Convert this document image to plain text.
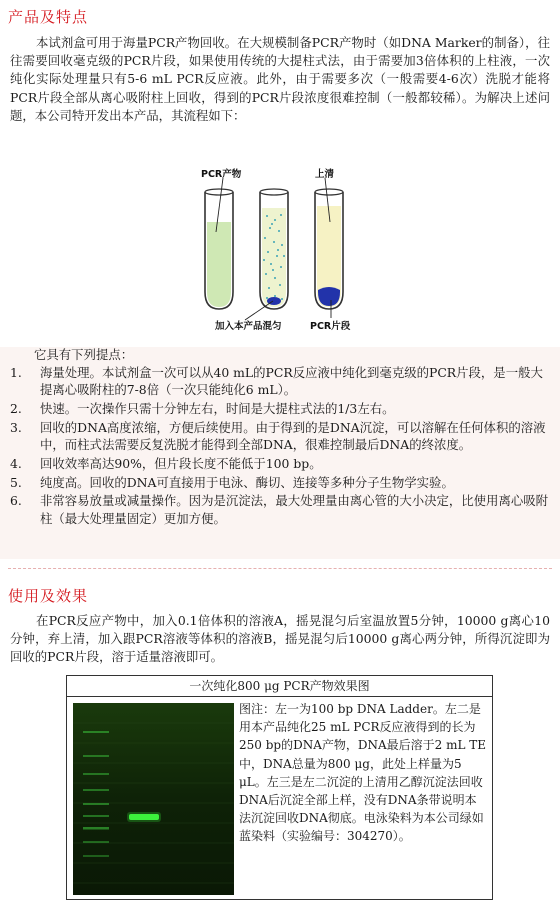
产品及特点
本试剂盒可用于海量PCR产物回收。在大规模制备PCR产物时（如DNA Marker的制备），往往需要回收毫克级的PCR片段，如果使用传统的大提柱式法，由于需要加3倍体积的上柱液，一次纯化实际处理量只有5-6 mL PCR反应液。此外，由于需要多次（一般需要4-6次）洗脱才能将PCR片段全部从离心吸附柱上回收，得到的PCR片段浓度很难控制（一般都较稀）。为解决上述问题，本公司特开发出本产品，其流程如下：
PCR产物	上清
加入本产品混匀	PCR片段
它具有下列提点：
1. 海量处理。本试剂盒一次可以从40 mL的PCR反应液中纯化到毫克级的PCR片段，是一般大提离心吸附柱的7-8倍（一次只能纯化6 mL）。
2. 快速。一次操作只需十分钟左右，时间是大提柱式法的1/3左右。
3. 回收的DNA高度浓缩，方便后续使用。由于得到的是DNA沉淀，可以溶解在任何体积的溶液中，而柱式法需要反复洗脱才能得到全部DNA，很难控制最后DNA的终浓度。
4. 回收效率高达90%，但片段长度不能低于100 bp。
5. 纯度高。回收的DNA可直接用于电泳、酶切、连接等多种分子生物学实验。
6. 非常容易放量或减量操作。因为是沉淀法，最大处理量由离心管的大小决定，比使用离心吸附柱（最大处理量固定）更加方便。
使用及效果
在PCR反应产物中，加入0.1倍体积的溶液A，摇晃混匀后室温放置5分钟，10000 g离心10分钟，弃上清，加入跟PCR溶液等体积的溶液B，摇晃混匀后10000 g离心两分钟，所得沉淀即为回收的PCR片段，溶于适量溶液即可。
一次纯化800 μg PCR产物效果图
图注：左一为100 bp DNA Ladder。左二是用本产品纯化25 mL PCR反应液得到的长为250 bp的DNA产物，DNA最后溶于2 mL TE中，DNA总量为800 μg，此处上样量为5 μL。左三是左二沉淀的上清用乙醇沉淀法回收DNA后沉淀全部上样，没有DNA条带说明本法沉淀回收DNA彻底。电泳染料为本公司绿如蓝染料（实验编号：304270）。
